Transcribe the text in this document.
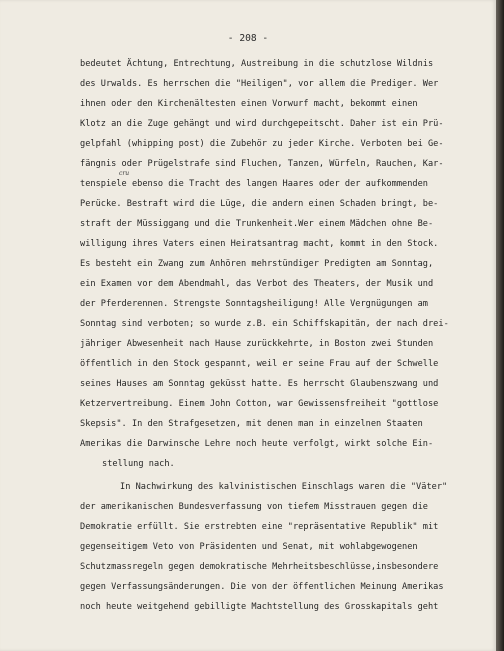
- 208 -
bedeutet Ächtung, Entrechtung, Austreibung in die schutzlose Wildnis
des Urwalds. Es herrschen die "Heiligen", vor allem die Prediger. Wer
ihnen oder den Kirchenältesten einen Vorwurf macht, bekommt einen
Klotz an die Zuge gehängt und wird durchgepeitscht. Daher ist ein Prü-
gelpfahl (whipping post) die Zubehör zu jeder Kirche. Verboten bei Ge-
fängnis oder Prügelstrafe sind Fluchen, Tanzen, Würfeln, Rauchen, Kar-
tenspiele ebenso die Tracht des langen Haares oder der aufkommenden
Perücke. Bestraft wird die Lüge, die andern einen Schaden bringt, be-
straft der Müssiggang und die Trunkenheit.Wer einem Mädchen ohne Be-
willigung ihres Vaters einen Heiratsantrag macht, kommt in den Stock.
Es besteht ein Zwang zum Anhören mehrstündiger Predigten am Sonntag,
ein Examen vor dem Abendmahl, das Verbot des Theaters, der Musik und
der Pferderennen. Strengste Sonntagsheiligung! Alle Vergnügungen am
Sonntag sind verboten; so wurde z.B. ein Schiffskapitän, der nach drei-
jähriger Abwesenheit nach Hause zurückkehrte, in Boston zwei Stunden
öffentlich in den Stock gespannt, weil er seine Frau auf der Schwelle
seines Hauses am Sonntag geküsst hatte. Es herrscht Glaubenszwang und
Ketzervertreibung. Einem John Cotton, war Gewissensfreiheit "gottlose
Skepsis". In den Strafgesetzen, mit denen man in einzelnen Staaten
Amerikas die Darwinsche Lehre noch heute verfolgt, wirkt solche Ein-
stellung nach.
In Nachwirkung des kalvinistischen Einschlags waren die "Väter"
der amerikanischen Bundesverfassung von tiefem Misstrauen gegen die
Demokratie erfüllt. Sie erstrebten eine "repräsentative Republik" mit
gegenseitigem Veto von Präsidenten und Senat, mit wohlabgewogenen
Schutzmassregeln gegen demokratische Mehrheitsbeschlüsse,insbesondere
gegen Verfassungsänderungen. Die von der öffentlichen Meinung Amerikas
noch heute weitgehend gebilligte Machtstellung des Grosskapitals geht
cru
